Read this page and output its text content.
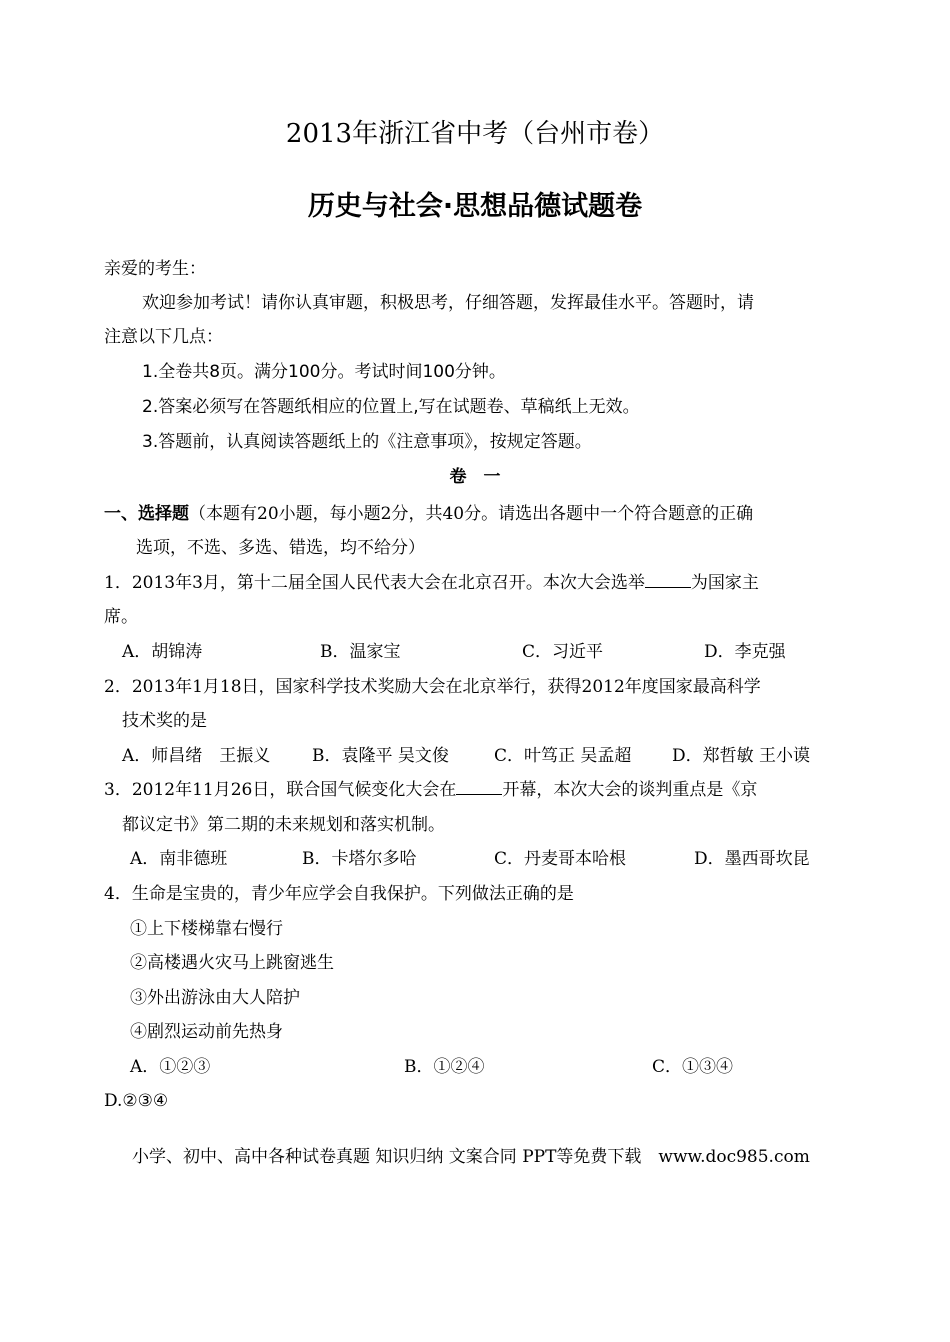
2013年浙江省中考（台州市卷）
历史与社会·思想品德试题卷
亲爱的考生：
欢迎参加考试！请你认真审题，积极思考，仔细答题，发挥最佳水平。答题时，请
注意以下几点：
1.全卷共8页。满分100分。考试时间100分钟。
2.答案必须写在答题纸相应的位置上,写在试题卷、草稿纸上无效。
3.答题前，认真阅读答题纸上的《注意事项》，按规定答题。
卷　一
一、选择题（本题有20小题，每小题2分，共40分。请选出各题中一个符合题意的正确
选项，不选、多选、错选，均不给分）
1．2013年3月，第十二届全国人民代表大会在北京召开。本次大会选举	为国家主
席。
A．胡锦涛	B．温家宝	C．习近平	D．李克强
2．2013年1月18日，国家科学技术奖励大会在北京举行，获得2012年度国家最高科学
技术奖的是
A．师昌绪　王振义 B．袁隆平 吴文俊	C．叶笃正 吴孟超 D．郑哲敏 王小谟
3．2012年11月26日，联合国气候变化大会在	开幕，本次大会的谈判重点是《京
都议定书》第二期的未来规划和落实机制。
A．南非德班	B．卡塔尔多哈	C．丹麦哥本哈根	D．墨西哥坎昆
4．生命是宝贵的，青少年应学会自我保护。下列做法正确的是
①上下楼梯靠右慢行
②高楼遇火灾马上跳窗逃生
③外出游泳由大人陪护
④剧烈运动前先热身
A．①②③	B．①②④	C．①③④
D.②③④
小学、初中、高中各种试卷真题 知识归纳 文案合同 PPT等免费下载　www.doc985.com
